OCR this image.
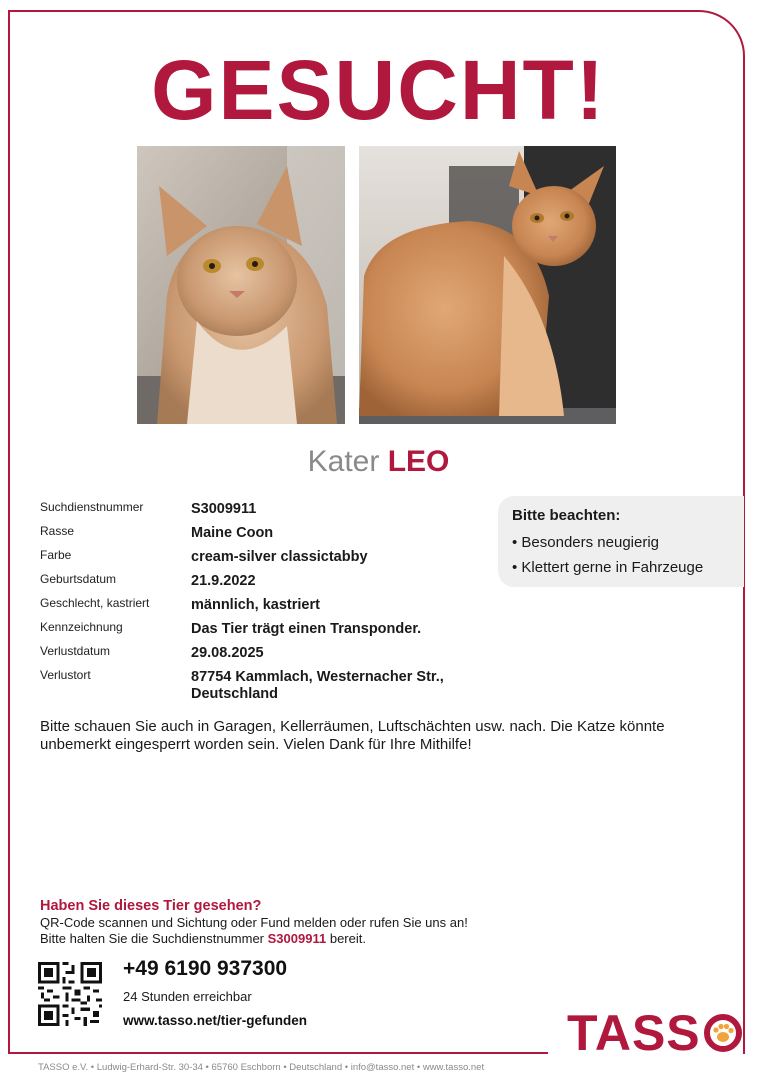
GESUCHT!
Kater LEO
Suchdienstnummer	S3009911
Rasse	Maine Coon
Farbe	cream-silver classictabby
Geburtsdatum	21.9.2022
Geschlecht, kastriert	männlich, kastriert
Kennzeichnung	Das Tier trägt einen Transponder.
Verlustdatum	29.08.2025
Verlustort	87754 Kammlach, Westernacher Str., Deutschland
Bitte beachten:
• Besonders neugierig
• Klettert gerne in Fahrzeuge
Bitte schauen Sie auch in Garagen, Kellerräumen, Luftschächten usw. nach. Die Katze könnte unbemerkt eingesperrt worden sein. Vielen Dank für Ihre Mithilfe!
Haben Sie dieses Tier gesehen?
QR-Code scannen und Sichtung oder Fund melden oder rufen Sie uns an!
Bitte halten Sie die Suchdienstnummer S3009911 bereit.
+49 6190 937300
24 Stunden erreichbar
www.tasso.net/tier-gefunden	TASS
TASSO e.V. • Ludwig-Erhard-Str. 30-34 • 65760 Eschborn • Deutschland • info@tasso.net • www.tasso.net
